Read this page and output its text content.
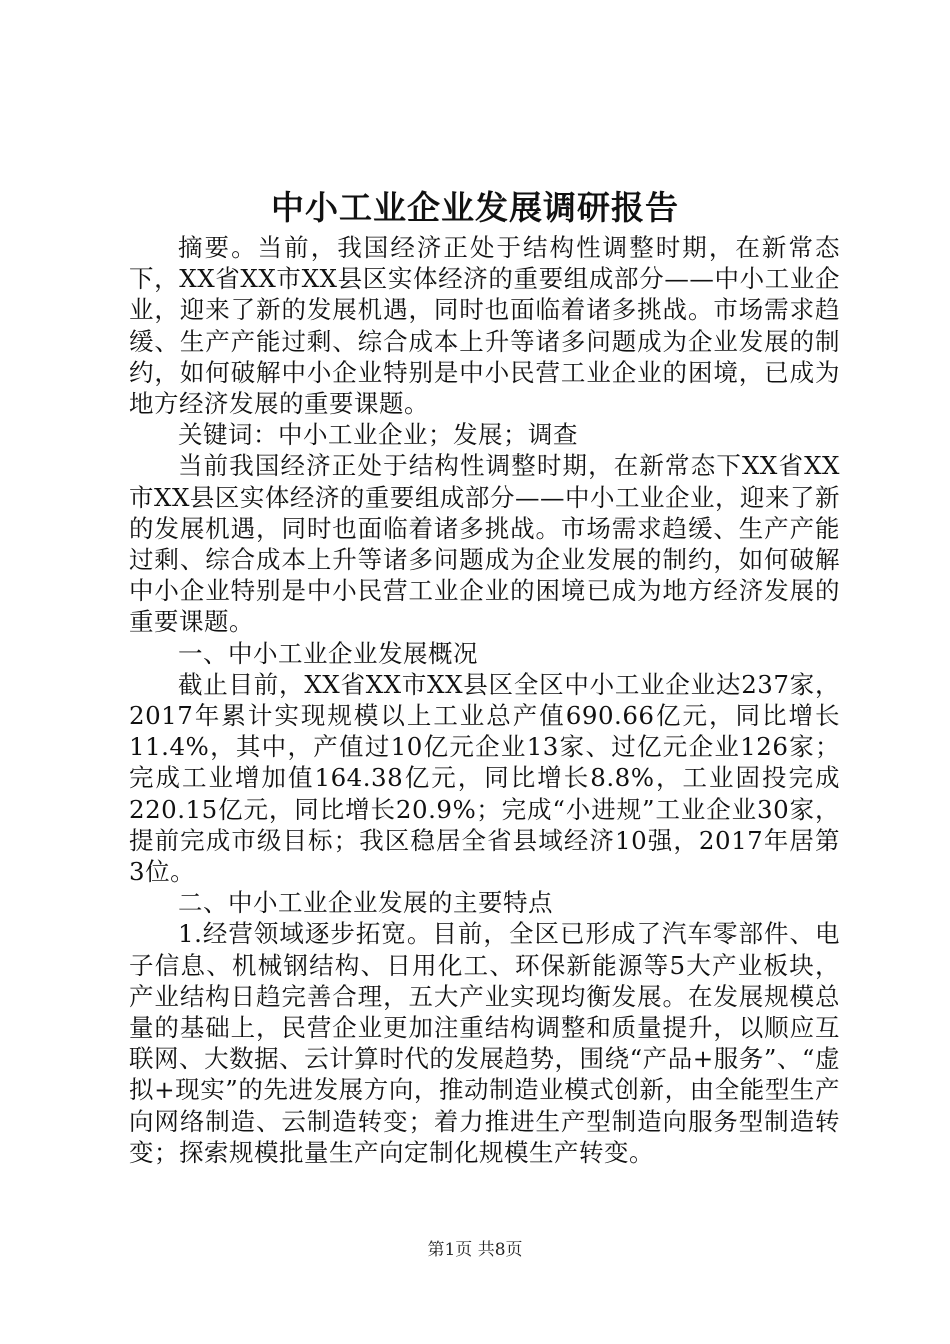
中小工业企业发展调研报告

摘要。当前，我国经济正处于结构性调整时期，在新常态下，XX省XX市XX县区实体经济的重要组成部分——中小工业企业，迎来了新的发展机遇，同时也面临着诸多挑战。市场需求趋缓、生产产能过剩、综合成本上升等诸多问题成为企业发展的制约，如何破解中小企业特别是中小民营工业企业的困境，已成为地方经济发展的重要课题。

关键词：中小工业企业；发展；调查

当前我国经济正处于结构性调整时期，在新常态下XX省XX市XX县区实体经济的重要组成部分——中小工业企业，迎来了新的发展机遇，同时也面临着诸多挑战。市场需求趋缓、生产产能过剩、综合成本上升等诸多问题成为企业发展的制约，如何破解中小企业特别是中小民营工业企业的困境已成为地方经济发展的重要课题。

一、中小工业企业发展概况

截止目前，XX省XX市XX县区全区中小工业企业达237家，2017年累计实现规模以上工业总产值690.66亿元，同比增长11.4%，其中，产值过10亿元企业13家、过亿元企业126家；完成工业增加值164.38亿元，同比增长8.8%，工业固投完成220.15亿元，同比增长20.9%；完成“小进规”工业企业30家，提前完成市级目标；我区稳居全省县域经济10强，2017年居第3位。

二、中小工业企业发展的主要特点

1.经营领域逐步拓宽。目前，全区已形成了汽车零部件、电子信息、机械钢结构、日用化工、环保新能源等5大产业板块，产业结构日趋完善合理，五大产业实现均衡发展。在发展规模总量的基础上，民营企业更加注重结构调整和质量提升，以顺应互联网、大数据、云计算时代的发展趋势，围绕“产品+服务”、“虚拟+现实”的先进发展方向，推动制造业模式创新，由全能型生产向网络制造、云制造转变；着力推进生产型制造向服务型制造转变；探索规模批量生产向定制化规模生产转变。

第1页 共8页
